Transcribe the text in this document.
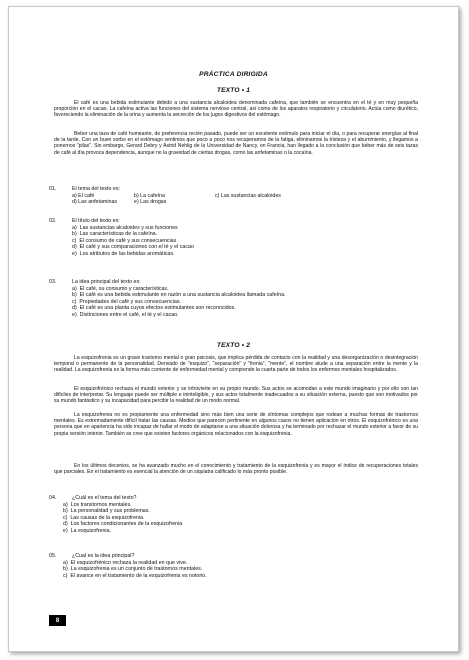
PRÁCTICA DIRIGIDA
TEXTO • 1

El café es una bebida estimulante debido a una sustancia alcaloidea denominada cafeína, que también se encuentra en el té y en muy pequeña proporción en el cacao. La cafeína activa las funciones del sistema nervioso central, así como de los aparatos respiratorio y circulatorio. Actúa como diurético, favoreciendo la eliminación de la orina y aumenta la secreción de los jugos digestivos del estómago.

Beber una taza de café humeante, de preferencia recién pasado, puede ser un excelente estímulo para iniciar el día, o para recuperar energías al final de la tarde. Con un buen sorbo en el estómago sentimos que poco a poco nos recuperamos de la fatiga, eliminamos la tristeza y el aburrimiento, y llegamos a ponernos "pilas". Sin embargo, Gerard Debry y Astrid Nehlig de la Universidad de Nancy, en Francia, han llegado a la conclusión que beber más de seis tazas de café al día provoca dependencia, aunque no la gravedad de ciertas drogas, como las anfetaminas o la cocaína.

01.	El tema del texto es:
a) El café	b) La cafeína	c) Las sustancias alcaloides
d) Las anfetaminas	e) Las drogas
02.	El título del texto es:
a)  Las sustancias alcaloides y sus funciones
b)  Las características de la cafeína.
c)  El consumo de café y sus consecuencias
d)  El café y sus comparaciones con el té y el cacao
e)  Los atributos de las bebidas aromáticas.
03.	La idea principal del texto es:
a)  El café, su consumo y características.
b)  El café es una bebida estimulante en razón a una sustancia alcaloidea llamada cafeína.
c)  Propiedades del café y sus consecuencias.
d)  El café es una planta cuyos efectos estimulantes son reconocidos.
e)  Distinciones entre el café, el té y el cacao.
TEXTO • 2

La esquizofrenia es un grave trastorno mental o gran psicosis, que implica pérdida de contacto con la realidad y una desorganización o desintegración temporal o permanente de la personalidad. Derivado de "esquizo", "separación" y "frenia", "mente", el nombre alude a una separación entre la mente y la realidad. La esquizofrenia es la forma más corriente de enfermedad mental y comprende la cuarta parte de todos los enfermos mentales hospitalizados.

El esquizofrénico rechaza el mundo exterior y se introvierte en su propio mundo. Sus actos se acomodan a este mundo imaginario y por ello son tan difíciles de interpretar. Su lenguaje puede ser múltiple e ininteligible, y sus actos totalmente inadecuados a su situación externa, puesto que son motivados por su mundo fantástico y su incapacidad para percibir la realidad de un modo normal.

La esquizofrenia no es propiamente una enfermedad sino más bien una serie de síntomas complejos que rodean a muchas formas de trastornos mentales. Es extremadamente difícil tratar las causas. Medios que parecen pertinente en algunos casos no tienen aplicación en otros. El esquizofrénico es una persona que en apariencia ha sido incapaz de hallar el modo de adaptarse a una situación dolorosa y ha terminado por rechazar el mundo exterior a favor de su propia versión interior. También se cree que existen factores orgánicos relacionados con la esquizofrenia.

En los últimos decenios, se ha avanzado mucho en el conocimiento y tratamiento de la esquizofrenia y es mayor el índice de recuperaciones totales que parciales. En el tratamiento es esencial la atención de un siquiatra calificado lo más pronto posible.

04.	¿Cuál es el tema del texto?
a)  Los transtornos mentales.
b)  La personalidad y sus problemas.
c)  Las causas de la esquizofrenia.
d)  Los factores condicionantes de la esquizofrenia
e)  La esquizofrenia.
05.	¿Cual es la idea principal?
a)  El esquizofrénico rechaza la realidad en que vive.
b)  La esquizofrenia es un conjunto de trastornos mentales.
c)  El avance en el tratamiento de la esquizofrenia es notorio.
8
